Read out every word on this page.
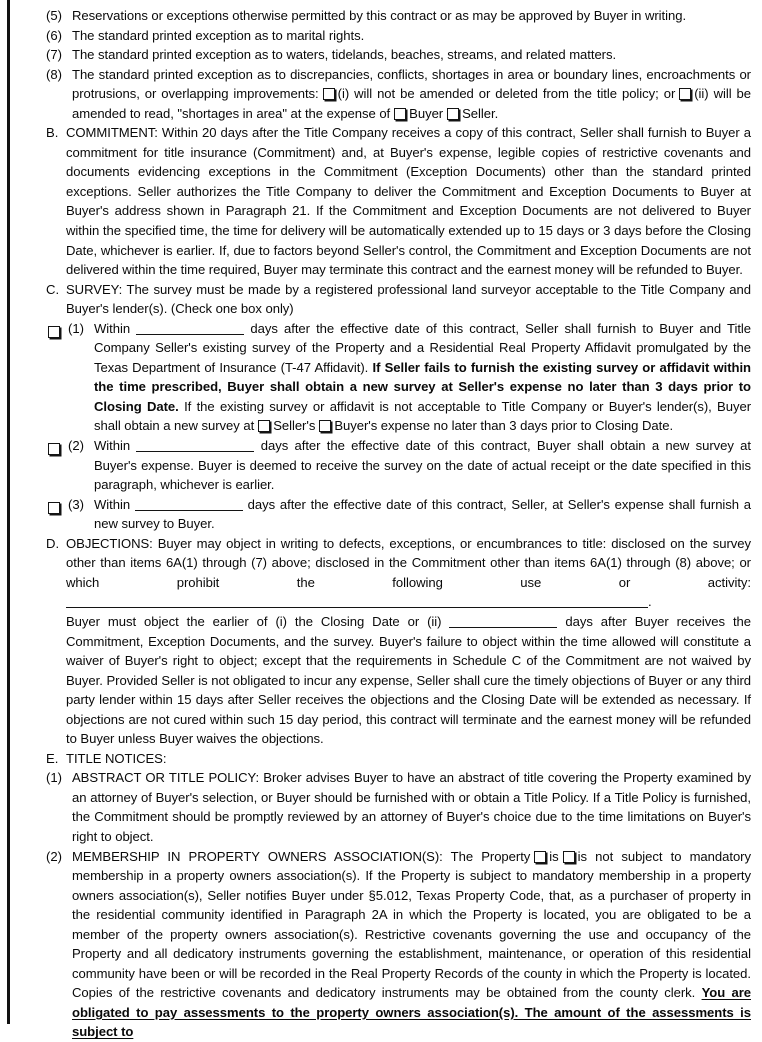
(5) Reservations or exceptions otherwise permitted by this contract or as may be approved by Buyer in writing.
(6) The standard printed exception as to marital rights.
(7) The standard printed exception as to waters, tidelands, beaches, streams, and related matters.
(8) The standard printed exception as to discrepancies, conflicts, shortages in area or boundary lines, encroachments or protrusions, or overlapping improvements: (i) will not be amended or deleted from the title policy; or (ii) will be amended to read, "shortages in area" at the expense of Buyer Seller.
B. COMMITMENT: Within 20 days after the Title Company receives a copy of this contract, Seller shall furnish to Buyer a commitment for title insurance (Commitment) and, at Buyer's expense, legible copies of restrictive covenants and documents evidencing exceptions in the Commitment (Exception Documents) other than the standard printed exceptions. Seller authorizes the Title Company to deliver the Commitment and Exception Documents to Buyer at Buyer's address shown in Paragraph 21. If the Commitment and Exception Documents are not delivered to Buyer within the specified time, the time for delivery will be automatically extended up to 15 days or 3 days before the Closing Date, whichever is earlier. If, due to factors beyond Seller's control, the Commitment and Exception Documents are not delivered within the time required, Buyer may terminate this contract and the earnest money will be refunded to Buyer.
C. SURVEY: The survey must be made by a registered professional land surveyor acceptable to the Title Company and Buyer's lender(s). (Check one box only)
(1) Within	days after the effective date of this contract, Seller shall furnish to Buyer and Title Company Seller's existing survey of the Property and a Residential Real Property Affidavit promulgated by the Texas Department of Insurance (T-47 Affidavit). If Seller fails to furnish the existing survey or affidavit within the time prescribed, Buyer shall obtain a new survey at Seller's expense no later than 3 days prior to Closing Date. If the existing survey or affidavit is not acceptable to Title Company or Buyer's lender(s), Buyer shall obtain a new survey at Seller's Buyer's expense no later than 3 days prior to Closing Date.
(2) Within	days after the effective date of this contract, Buyer shall obtain a new survey at Buyer's expense. Buyer is deemed to receive the survey on the date of actual receipt or the date specified in this paragraph, whichever is earlier.
(3) Within	days after the effective date of this contract, Seller, at Seller's expense shall furnish a new survey to Buyer.
D. OBJECTIONS: Buyer may object in writing to defects, exceptions, or encumbrances to title: disclosed on the survey other than items 6A(1) through (7) above; disclosed in the Commitment other than items 6A(1) through (8) above; or which prohibit the following use or activity:.
Buyer must object the earlier of (i) the Closing Date or (ii)	days after Buyer receives the Commitment, Exception Documents, and the survey. Buyer's failure to object within the time allowed will constitute a waiver of Buyer's right to object; except that the requirements in Schedule C of the Commitment are not waived by Buyer. Provided Seller is not obligated to incur any expense, Seller shall cure the timely objections of Buyer or any third party lender within 15 days after Seller receives the objections and the Closing Date will be extended as necessary. If objections are not cured within such 15 day period, this contract will terminate and the earnest money will be refunded to Buyer unless Buyer waives the objections.
E. TITLE NOTICES:
(1) ABSTRACT OR TITLE POLICY: Broker advises Buyer to have an abstract of title covering the Property examined by an attorney of Buyer's selection, or Buyer should be furnished with or obtain a Title Policy. If a Title Policy is furnished, the Commitment should be promptly reviewed by an attorney of Buyer's choice due to the time limitations on Buyer's right to object.
(2) MEMBERSHIP IN PROPERTY OWNERS ASSOCIATION(S): The Property is is not subject to mandatory membership in a property owners association(s). If the Property is subject to mandatory membership in a property owners association(s), Seller notifies Buyer under §5.012, Texas Property Code, that, as a purchaser of property in the residential community identified in Paragraph 2A in which the Property is located, you are obligated to be a member of the property owners association(s). Restrictive covenants governing the use and occupancy of the Property and all dedicatory instruments governing the establishment, maintenance, or operation of this residential community have been or will be recorded in the Real Property Records of the county in which the Property is located. Copies of the restrictive covenants and dedicatory instruments may be obtained from the county clerk. You are obligated to pay assessments to the property owners association(s). The amount of the assessments is subject to
